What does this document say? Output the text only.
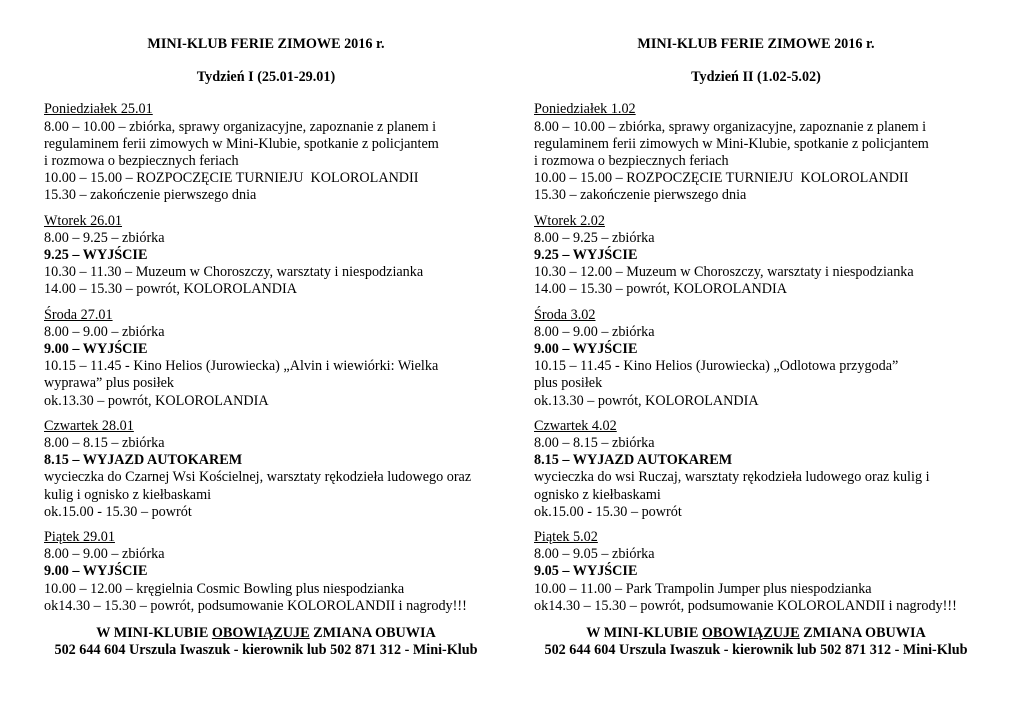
MINI-KLUB FERIE ZIMOWE 2016 r.
Tydzień I (25.01-29.01)
Poniedziałek 25.01
8.00 – 10.00 – zbiórka, sprawy organizacyjne, zapoznanie z planem i
regulaminem ferii zimowych w Mini-Klubie, spotkanie z policjantem
i rozmowa o bezpiecznych feriach
10.00 – 15.00 – ROZPOCZĘCIE TURNIEJU  KOLOROLANDII
15.30 – zakończenie pierwszego dnia
Wtorek 26.01
8.00 – 9.25 – zbiórka
9.25 – WYJŚCIE
10.30 – 11.30 – Muzeum w Choroszczy, warsztaty i niespodzianka
14.00 – 15.30 – powrót, KOLOROLANDIA
Środa 27.01
8.00 – 9.00 – zbiórka
9.00 – WYJŚCIE
10.15 – 11.45 - Kino Helios (Jurowiecka) „Alvin i wiewiórki: Wielka
wyprawa” plus posiłek
ok.13.30 – powrót, KOLOROLANDIA
Czwartek 28.01
8.00 – 8.15 – zbiórka
8.15 – WYJAZD AUTOKAREM
wycieczka do Czarnej Wsi Kościelnej, warsztaty rękodzieła ludowego oraz
kulig i ognisko z kiełbaskami
ok.15.00 - 15.30 – powrót
Piątek 29.01
8.00 – 9.00 – zbiórka
9.00 – WYJŚCIE
10.00 – 12.00 – kręgielnia Cosmic Bowling plus niespodzianka
ok14.30 – 15.30 – powrót, podsumowanie KOLOROLANDII i nagrody!!!
W MINI-KLUBIE OBOWIĄZUJE ZMIANA OBUWIA
502 644 604 Urszula Iwaszuk - kierownik lub 502 871 312 - Mini-Klub
MINI-KLUB FERIE ZIMOWE 2016 r.
Tydzień II (1.02-5.02)
Poniedziałek 1.02
8.00 – 10.00 – zbiórka, sprawy organizacyjne, zapoznanie z planem i
regulaminem ferii zimowych w Mini-Klubie, spotkanie z policjantem
i rozmowa o bezpiecznych feriach
10.00 – 15.00 – ROZPOCZĘCIE TURNIEJU  KOLOROLANDII
15.30 – zakończenie pierwszego dnia
Wtorek 2.02
8.00 – 9.25 – zbiórka
9.25 – WYJŚCIE
10.30 – 12.00 – Muzeum w Choroszczy, warsztaty i niespodzianka
14.00 – 15.30 – powrót, KOLOROLANDIA
Środa 3.02
8.00 – 9.00 – zbiórka
9.00 – WYJŚCIE
10.15 – 11.45 - Kino Helios (Jurowiecka) „Odlotowa przygoda”
plus posiłek
ok.13.30 – powrót, KOLOROLANDIA
Czwartek 4.02
8.00 – 8.15 – zbiórka
8.15 – WYJAZD AUTOKAREM
wycieczka do wsi Ruczaj, warsztaty rękodzieła ludowego oraz kulig i
ognisko z kiełbaskami
ok.15.00 - 15.30 – powrót
Piątek 5.02
8.00 – 9.05 – zbiórka
9.05 – WYJŚCIE
10.00 – 11.00 – Park Trampolin Jumper plus niespodzianka
ok14.30 – 15.30 – powrót, podsumowanie KOLOROLANDII i nagrody!!!
W MINI-KLUBIE OBOWIĄZUJE ZMIANA OBUWIA
502 644 604 Urszula Iwaszuk - kierownik lub 502 871 312 - Mini-Klub
